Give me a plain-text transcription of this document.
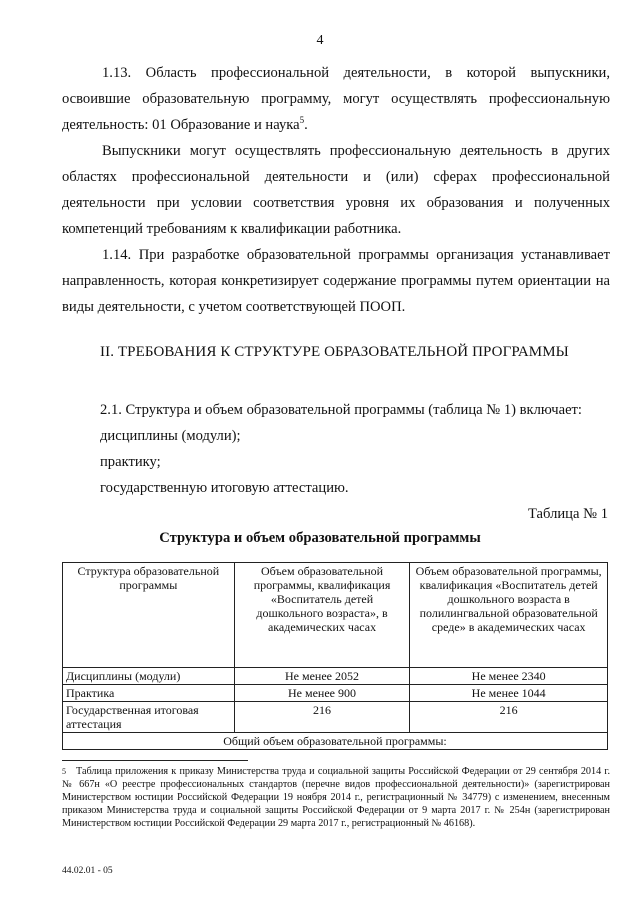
4

1.13. Область профессиональной деятельности, в которой выпускники, освоившие образовательную программу, могут осуществлять профессиональную деятельность: 01 Образование и наука$^5$.

Выпускники могут осуществлять профессиональную деятельность в других областях профессиональной деятельности и (или) сферах профессиональной деятельности при условии соответствия уровня их образования и полученных компетенций требованиям к квалификации работника.

1.14. При разработке образовательной программы организация устанавливает направленность, которая конкретизирует содержание программы путем ориентации на виды деятельности, с учетом соответствующей ПООП.

II. ТРЕБОВАНИЯ К СТРУКТУРЕ ОБРАЗОВАТЕЛЬНОЙ ПРОГРАММЫ
2.1. Структура и объем образовательной программы (таблица № 1) включает:
дисциплины (модули);
практику;
государственную итоговую аттестацию.
Таблица № 1
Структура и объем образовательной программы
Структура образовательной программы	Объем образовательной программы, квалификация «Воспитатель детей дошкольного возраста», в академических часах	Объем образовательной программы, квалификация «Воспитатель детей дошкольного возраста в полилингвальной образовательной среде» в академических часах
Дисциплины (модули)	Не менее 2052	Не менее 2340
Практика	Не менее 900	Не менее 1044
Государственная итоговая аттестация	216	216
Общий объем образовательной программы:		

$^5$ Таблица приложения к приказу Министерства труда и социальной защиты Российской Федерации от 29 сентября 2014 г. № 667н «О реестре профессиональных стандартов (перечне видов профессиональной деятельности)» (зарегистрирован Министерством юстиции Российской Федерации 19 ноября 2014 г., регистрационный № 34779) с изменением, внесенным приказом Министерства труда и социальной защиты Российской Федерации от 9 марта 2017 г. № 254н (зарегистрирован Министерством юстиции Российской Федерации 29 марта 2017 г., регистрационный № 46168).

44.02.01 - 05
